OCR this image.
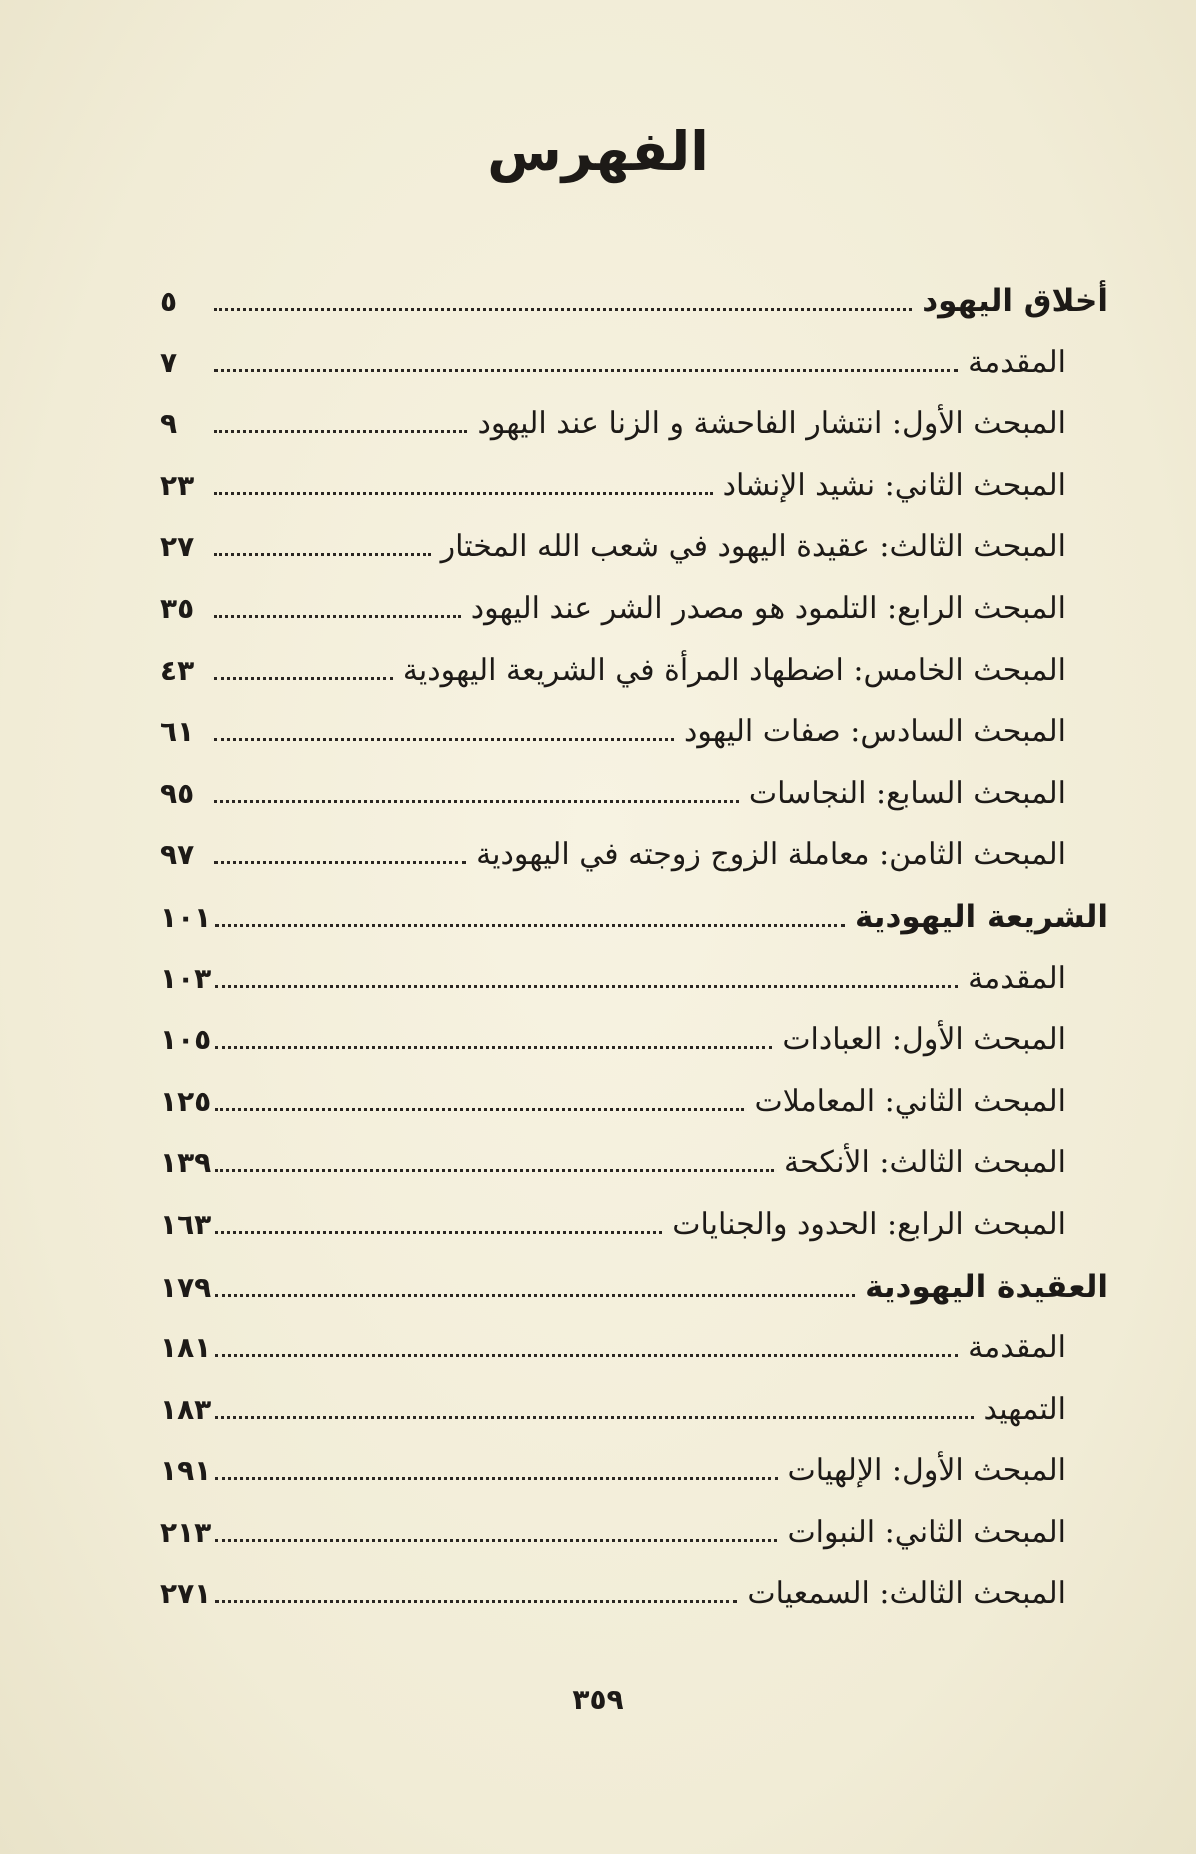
الفهرس
أخلاق اليهود
٥
المقدمة
٧
المبحث الأول: انتشار الفاحشة و الزنا عند اليهود
٩
المبحث الثاني: نشيد الإنشاد
٢٣
المبحث الثالث: عقيدة اليهود في شعب الله المختار
٢٧
المبحث الرابع: التلمود هو مصدر الشر عند اليهود
٣٥
المبحث الخامس: اضطهاد المرأة في الشريعة اليهودية
٤٣
المبحث السادس: صفات اليهود
٦١
المبحث السابع: النجاسات
٩٥
المبحث الثامن: معاملة الزوج زوجته في اليهودية
٩٧
الشريعة اليهودية
١٠١
المقدمة
١٠٣
المبحث الأول: العبادات
١٠٥
المبحث الثاني: المعاملات
١٢٥
المبحث الثالث: الأنكحة
١٣٩
المبحث الرابع: الحدود والجنايات
١٦٣
العقيدة اليهودية
١٧٩
المقدمة
١٨١
التمهيد
١٨٣
المبحث الأول: الإلهيات
١٩١
المبحث الثاني: النبوات
٢١٣
المبحث الثالث: السمعيات
٢٧١
٣٥٩
